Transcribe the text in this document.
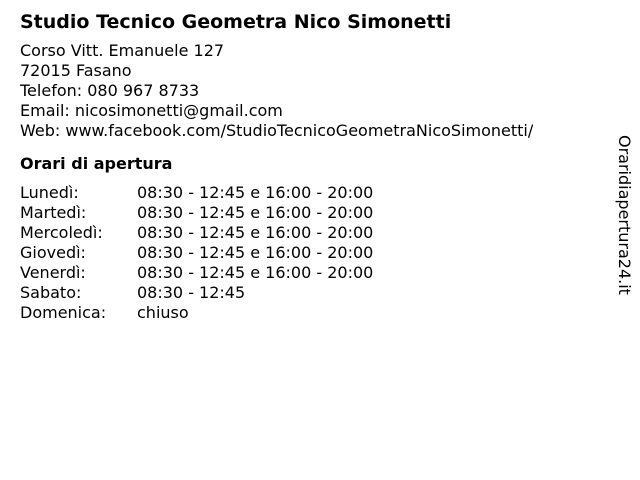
Studio Tecnico Geometra Nico Simonetti
Corso Vitt. Emanuele 127
72015 Fasano
Telefon: 080 967 8733
Email: nicosimonetti@gmail.com
Web: www.facebook.com/StudioTecnicoGeometraNicoSimonetti/
Orari di apertura
Lunedì:	08:30 - 12:45 e 16:00 - 20:00
Martedì:	08:30 - 12:45 e 16:00 - 20:00
Mercoledì:	08:30 - 12:45 e 16:00 - 20:00
Giovedì:	08:30 - 12:45 e 16:00 - 20:00
Venerdì:	08:30 - 12:45 e 16:00 - 20:00
Sabato:	08:30 - 12:45
Domenica:	chiuso
Oraridiapertura24.it
